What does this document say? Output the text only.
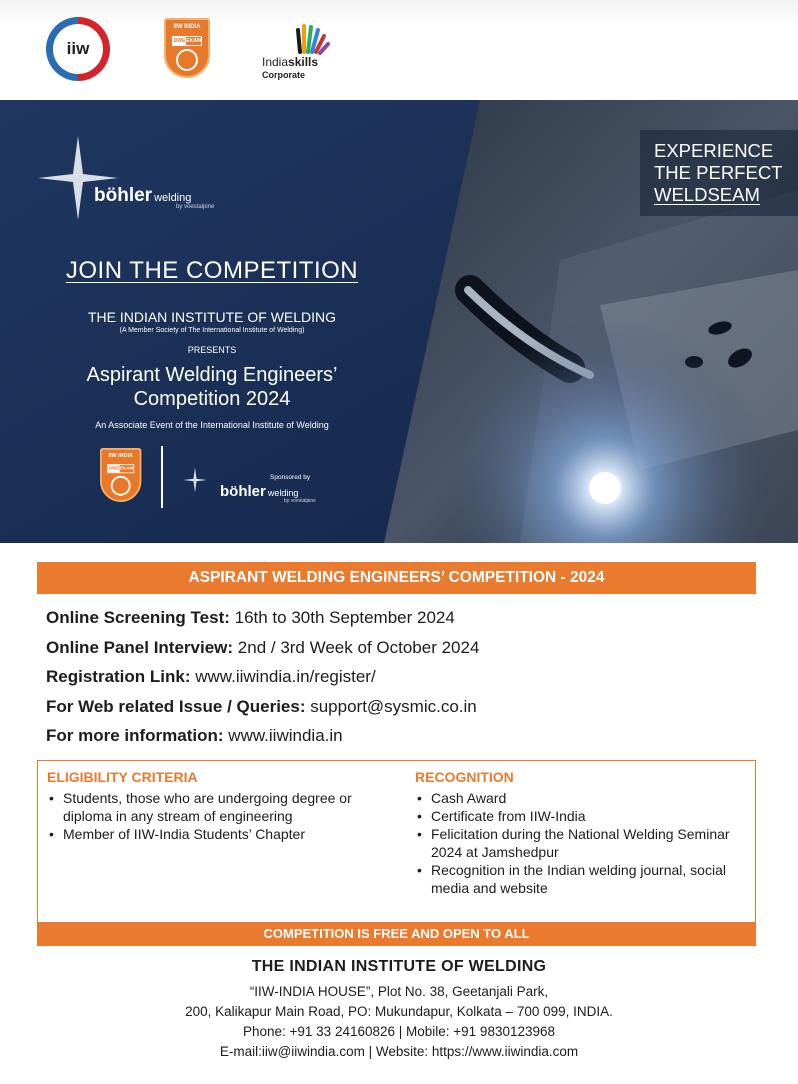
iiw
IIW INDIA
DWE EKAM
Indiaskills
Corporate
böhler welding
by voestalpine
JOIN THE COMPETITION
THE INDIAN INSTITUTE OF WELDING
(A Member Society of The International Institute of Welding)
PRESENTS
Aspirant Welding Engineers’
Competition 2024
An Associate Event of the International Institute of Welding
IIW INDIA
DWE EKAM
Sponsored by
böhler welding
by voestalpine
EXPERIENCE
THE PERFECT
WELDSEAM
ASPIRANT WELDING ENGINEERS’ COMPETITION - 2024
Online Screening Test: 16th to 30th September 2024
Online Panel Interview: 2nd / 3rd Week of October 2024
Registration Link: www.iiwindia.in/register/
For Web related Issue / Queries: support@sysmic.co.in
For more information: www.iiwindia.in
ELIGIBILITY CRITERIA
• Students, those who are undergoing degree or diploma in any stream of engineering
• Member of IIW-India Students’ Chapter
RECOGNITION
• Cash Award
• Certificate from IIW-India
• Felicitation during the National Welding Seminar 2024 at Jamshedpur
• Recognition in the Indian welding journal, social media and website
COMPETITION IS FREE AND OPEN TO ALL
THE INDIAN INSTITUTE OF WELDING
“IIW-INDIA HOUSE”, Plot No. 38, Geetanjali Park,
200, Kalikapur Main Road, PO: Mukundapur, Kolkata – 700 099, INDIA.
Phone: +91 33 24160826 | Mobile: +91 9830123968
E-mail:iiw@iiwindia.com | Website: https://www.iiwindia.com
